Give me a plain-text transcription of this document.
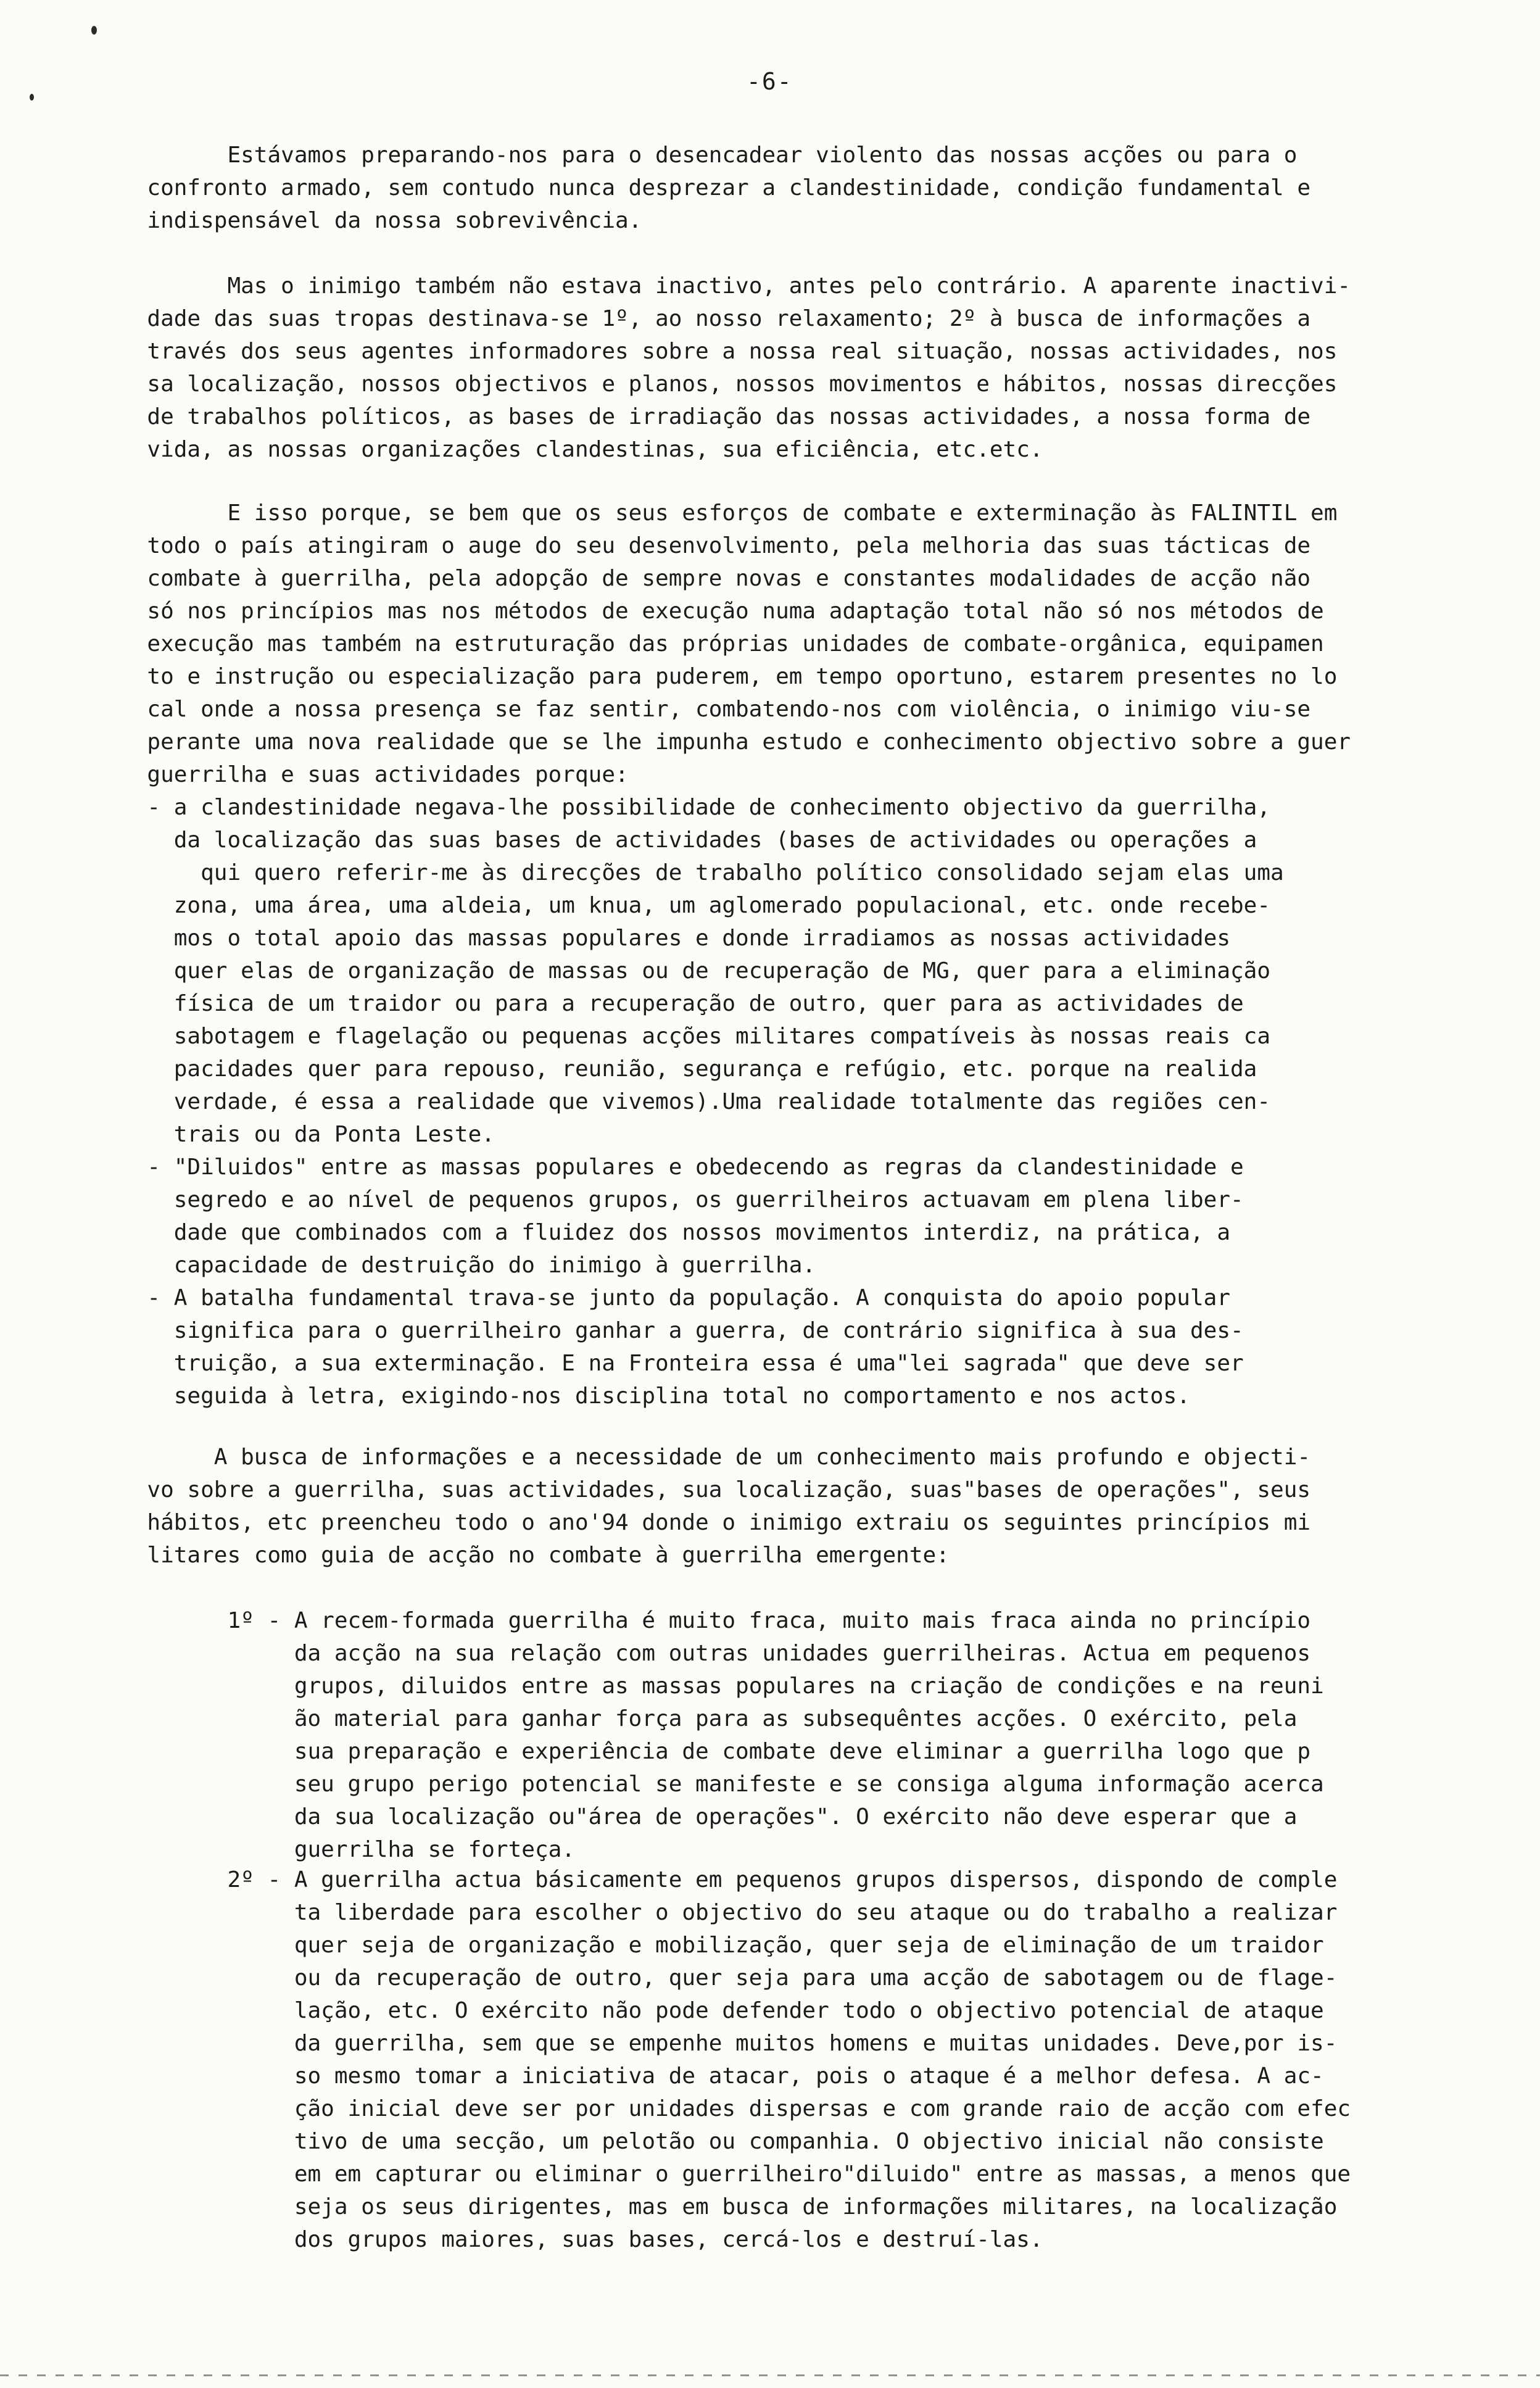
-6-
Estávamos preparando-nos para o desencadear violento das nossas acções ou para o
confronto armado, sem contudo nunca desprezar a clandestinidade, condição fundamental e
indispensável da nossa sobrevivência.
Mas o inimigo também não estava inactivo, antes pelo contrário. A aparente inactivi-
dade das suas tropas destinava-se 1º, ao nosso relaxamento; 2º à busca de informações a
través dos seus agentes informadores sobre a nossa real situação, nossas actividades, nos
sa localização, nossos objectivos e planos, nossos movimentos e hábitos, nossas direcções
de trabalhos políticos, as bases de irradiação das nossas actividades, a nossa forma de
vida, as nossas organizações clandestinas, sua eficiência, etc.etc.
E isso porque, se bem que os seus esforços de combate e exterminação às FALINTIL em
todo o país atingiram o auge do seu desenvolvimento, pela melhoria das suas tácticas de
combate à guerrilha, pela adopção de sempre novas e constantes modalidades de acção não
só nos princípios mas nos métodos de execução numa adaptação total não só nos métodos de
execução mas também na estruturação das próprias unidades de combate-orgânica, equipamen
to e instrução ou especialização para puderem, em tempo oportuno, estarem presentes no lo
cal onde a nossa presença se faz sentir, combatendo-nos com violência, o inimigo viu-se
perante uma nova realidade que se lhe impunha estudo e conhecimento objectivo sobre a guer
guerrilha e suas actividades porque:
- a clandestinidade negava-lhe possibilidade de conhecimento objectivo da guerrilha,
da localização das suas bases de actividades (bases de actividades ou operações a
qui quero referir-me às direcções de trabalho político consolidado sejam elas uma
zona, uma área, uma aldeia, um knua, um aglomerado populacional, etc. onde recebe-
mos o total apoio das massas populares e donde irradiamos as nossas actividades
quer elas de organização de massas ou de recuperação de MG, quer para a eliminação
física de um traidor ou para a recuperação de outro, quer para as actividades de
sabotagem e flagelação ou pequenas acções militares compatíveis às nossas reais ca
pacidades quer para repouso, reunião, segurança e refúgio, etc. porque na realida
verdade, é essa a realidade que vivemos).Uma realidade totalmente das regiões cen-
trais ou da Ponta Leste.
- "Diluidos" entre as massas populares e obedecendo as regras da clandestinidade e
segredo e ao nível de pequenos grupos, os guerrilheiros actuavam em plena liber-
dade que combinados com a fluidez dos nossos movimentos interdiz, na prática, a
capacidade de destruição do inimigo à guerrilha.
- A batalha fundamental trava-se junto da população. A conquista do apoio popular
significa para o guerrilheiro ganhar a guerra, de contrário significa à sua des-
truição, a sua exterminação. E na Fronteira essa é uma"lei sagrada" que deve ser
seguida à letra, exigindo-nos disciplina total no comportamento e nos actos.
A busca de informações e a necessidade de um conhecimento mais profundo e objecti-
vo sobre a guerrilha, suas actividades, sua localização, suas"bases de operações", seus
hábitos, etc preencheu todo o ano'94 donde o inimigo extraiu os seguintes princípios mi
litares como guia de acção no combate à guerrilha emergente:
1º - A recem-formada guerrilha é muito fraca, muito mais fraca ainda no princípio
da acção na sua relação com outras unidades guerrilheiras. Actua em pequenos
grupos, diluidos entre as massas populares na criação de condições e na reuni
ão material para ganhar força para as subsequêntes acções. O exército, pela
sua preparação e experiência de combate deve eliminar a guerrilha logo que p
seu grupo perigo potencial se manifeste e se consiga alguma informação acerca
da sua localização ou"área de operações". O exército não deve esperar que a
guerrilha se forteça.
2º - A guerrilha actua básicamente em pequenos grupos dispersos, dispondo de comple
ta liberdade para escolher o objectivo do seu ataque ou do trabalho a realizar
quer seja de organização e mobilização, quer seja de eliminação de um traidor
ou da recuperação de outro, quer seja para uma acção de sabotagem ou de flage-
lação, etc. O exército não pode defender todo o objectivo potencial de ataque
da guerrilha, sem que se empenhe muitos homens e muitas unidades. Deve,por is-
so mesmo tomar a iniciativa de atacar, pois o ataque é a melhor defesa. A ac-
ção inicial deve ser por unidades dispersas e com grande raio de acção com efec
tivo de uma secção, um pelotão ou companhia. O objectivo inicial não consiste
em em capturar ou eliminar o guerrilheiro"diluido" entre as massas, a menos que
seja os seus dirigentes, mas em busca de informações militares, na localização
dos grupos maiores, suas bases, cercá-los e destruí-las.
